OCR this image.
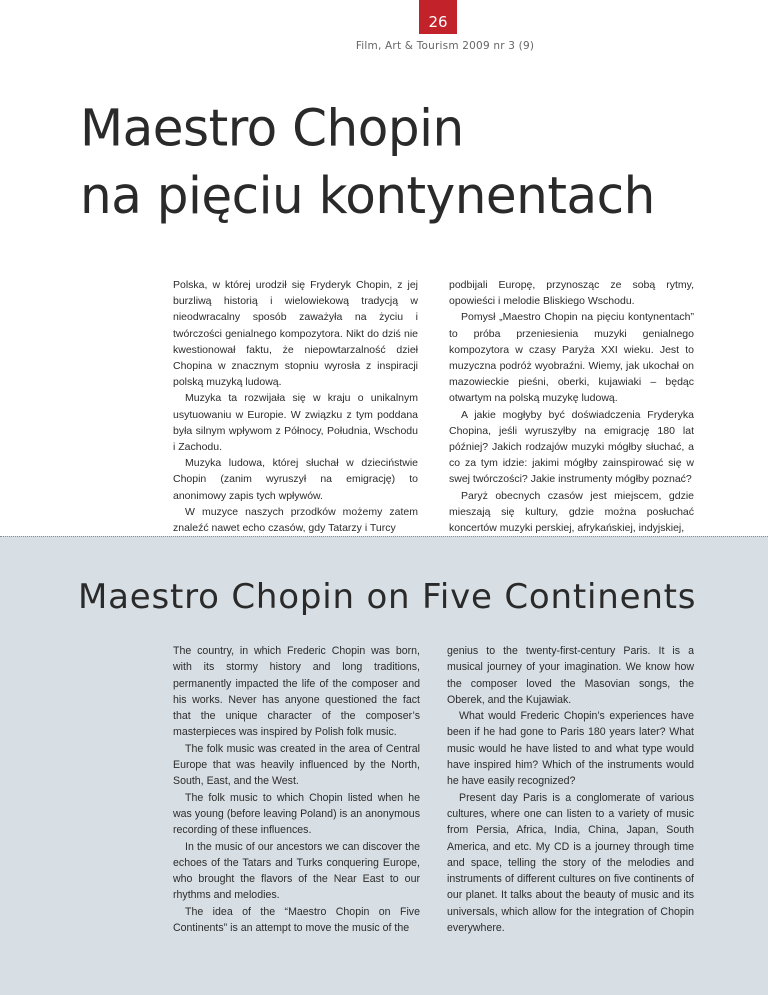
26
Film, Art & Tourism 2009 nr 3 (9)
Maestro Chopin
na pięciu kontynentach

Polska, w której urodził się Fryderyk Chopin, z jej burzliwą historią i wielowiekową tradycją w nieodwracalny sposób zaważyła na życiu i twórczości genialnego kompozytora. Nikt do dziś nie kwestionował faktu, że niepowtarzalność dzieł Chopina w znacznym stopniu wyrosła z inspiracji polską muzyką ludową.

Muzyka ta rozwijała się w kraju o unikalnym usytuowaniu w Europie. W związku z tym poddana była silnym wpływom z Północy, Południa, Wschodu i Zachodu.

Muzyka ludowa, której słuchał w dzieciństwie Chopin (zanim wyruszył na emigrację) to anonimowy zapis tych wpływów.

W muzyce naszych przodków możemy zatem znaleźć nawet echo czasów, gdy Tatarzy i Turcy

podbijali Europę, przynosząc ze sobą rytmy, opowieści i melodie Bliskiego Wschodu.

Pomysł „Maestro Chopin na pięciu kontynentach” to próba przeniesienia muzyki genialnego kompozytora w czasy Paryża XXI wieku. Jest to muzyczna podróż wyobraźni. Wiemy, jak ukochał on mazowieckie pieśni, oberki, kujawiaki – będąc otwartym na polską muzykę ludową.

A jakie mogłyby być doświadczenia Fryderyka Chopina, jeśli wyruszyłby na emigrację 180 lat później? Jakich rodzajów muzyki mógłby słuchać, a co za tym idzie: jakimi mógłby zainspirować się w swej twórczości? Jakie instrumenty mógłby poznać?

Paryż obecnych czasów jest miejscem, gdzie mieszają się kultury, gdzie można posłuchać koncertów muzyki perskiej, afrykańskiej, indyjskiej,

Maestro Chopin on Five Continents

The country, in which Frederic Chopin was born, with its stormy history and long traditions, permanently impacted the life of the composer and his works. Never has anyone questioned the fact that the unique character of the composer’s masterpieces was inspired by Polish folk music.

The folk music was created in the area of Central Europe that was heavily influenced by the North, South, East, and the West.

The folk music to which Chopin listed when he was young (before leaving Poland) is an anonymous recording of these influences.

In the music of our ancestors we can discover the echoes of the Tatars and Turks conquering Europe, who brought the flavors of the Near East to our rhythms and melodies.

The idea of the “Maestro Chopin on Five Continents” is an attempt to move the music of the

genius to the twenty-first-century Paris. It is a musical journey of your imagination. We know how the composer loved the Masovian songs, the Oberek, and the Kujawiak.

What would Frederic Chopin’s experiences have been if he had gone to Paris 180 years later? What music would he have listed to and what type would have inspired him? Which of the instruments would he have easily recognized?

Present day Paris is a conglomerate of various cultures, where one can listen to a variety of music from Persia, Africa, India, China, Japan, South America, and etc. My CD is a journey through time and space, telling the story of the melodies and instruments of different cultures on five continents of our planet. It talks about the beauty of music and its universals, which allow for the integration of Chopin everywhere.
